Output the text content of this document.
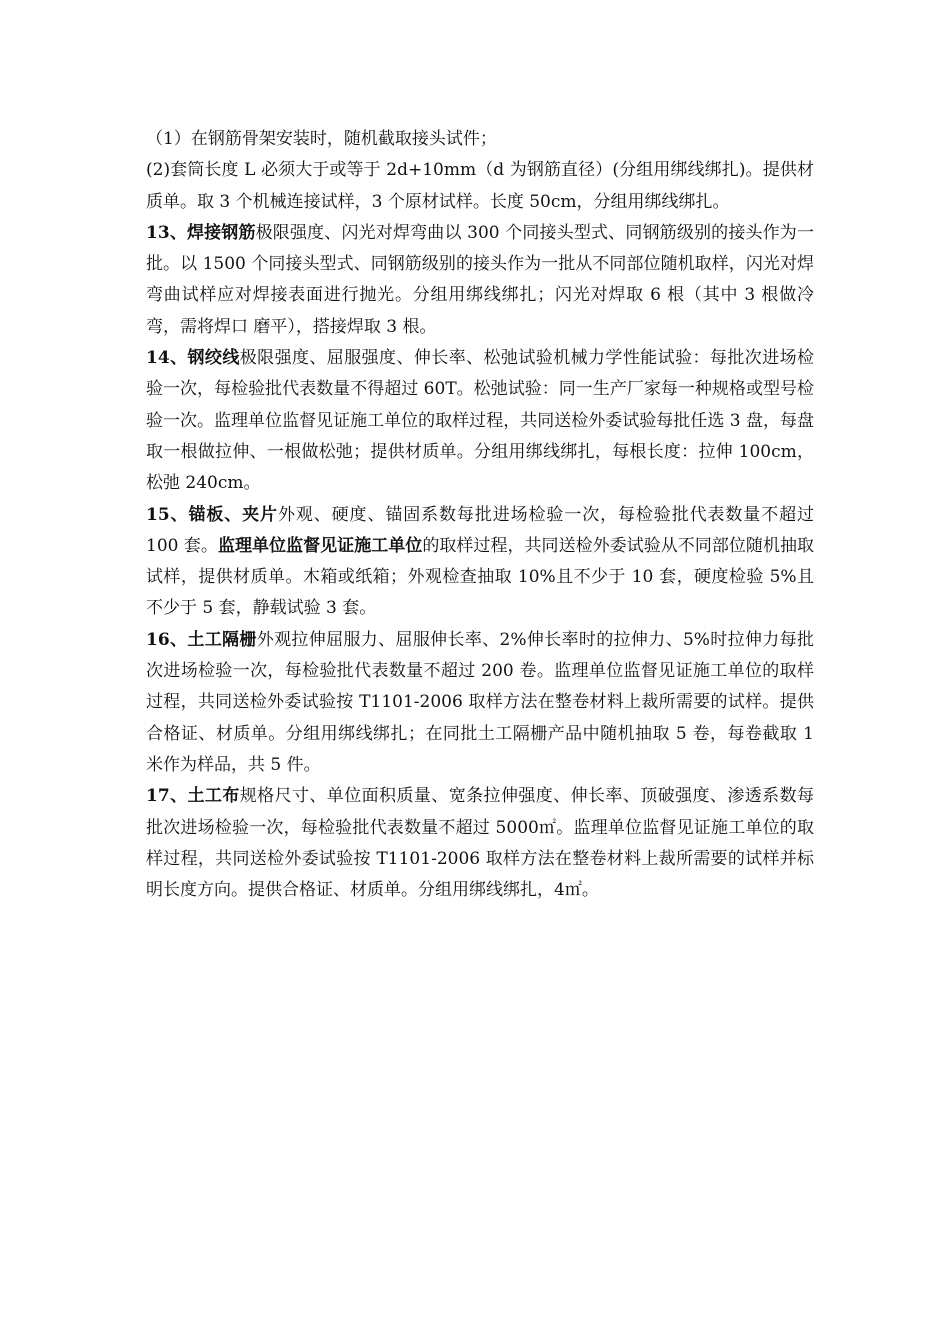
（1）在钢筋骨架安装时，随机截取接头试件；

(2)套筒长度 L 必须大于或等于 2d+10mm（d 为钢筋直径）(分组用绑线绑扎)。提供材质单。取 3 个机械连接试样，3 个原材试样。长度 50cm，分组用绑线绑扎。

13、焊接钢筋极限强度、闪光对焊弯曲以 300 个同接头型式、同钢筋级别的接头作为一批。以 1500 个同接头型式、同钢筋级别的接头作为一批从不同部位随机取样，闪光对焊弯曲试样应对焊接表面进行抛光。分组用绑线绑扎；闪光对焊取 6 根（其中 3 根做冷弯，需将焊口 磨平），搭接焊取 3 根。

14、钢绞线极限强度、屈服强度、伸长率、松弛试验机械力学性能试验：每批次进场检验一次，每检验批代表数量不得超过 60T。松弛试验：同一生产厂家每一种规格或型号检验一次。监理单位监督见证施工单位的取样过程，共同送检外委试验每批任选 3 盘，每盘取一根做拉伸、一根做松弛；提供材质单。分组用绑线绑扎，每根长度：拉伸 100cm，松弛 240cm。

15、锚板、夹片外观、硬度、锚固系数每批进场检验一次，每检验批代表数量不超过 100 套。监理单位监督见证施工单位的取样过程，共同送检外委试验从不同部位随机抽取试样，提供材质单。木箱或纸箱；外观检查抽取 10%且不少于 10 套，硬度检验 5%且不少于 5 套，静载试验 3 套。

16、土工隔栅外观拉伸屈服力、屈服伸长率、2%伸长率时的拉伸力、5%时拉伸力每批次进场检验一次，每检验批代表数量不超过 200 卷。监理单位监督见证施工单位的取样过程，共同送检外委试验按 T1101-2006 取样方法在整卷材料上裁所需要的试样。提供合格证、材质单。分组用绑线绑扎；在同批土工隔栅产品中随机抽取 5 卷，每卷截取 1 米作为样品，共 5 件。

17、土工布规格尺寸、单位面积质量、宽条拉伸强度、伸长率、顶破强度、渗透系数每批次进场检验一次，每检验批代表数量不超过 5000㎡。监理单位监督见证施工单位的取样过程，共同送检外委试验按 T1101-2006 取样方法在整卷材料上裁所需要的试样并标明长度方向。提供合格证、材质单。分组用绑线绑扎，4㎡。
